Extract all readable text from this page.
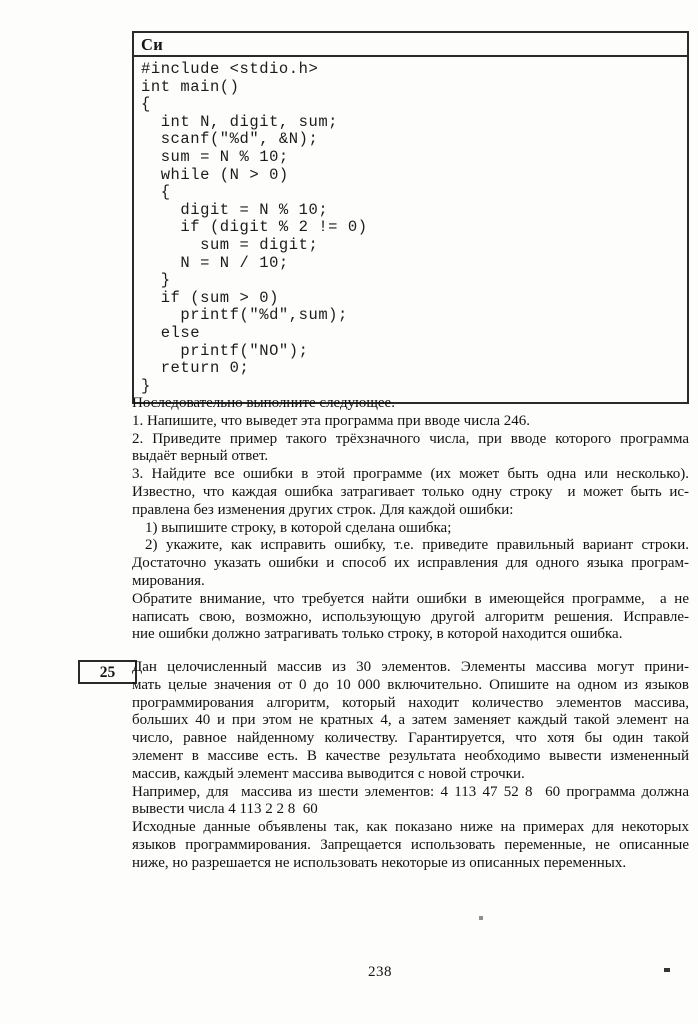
Си
#include <stdio.h>
int main()
{
int N, digit, sum;
scanf("%d", &N);
sum = N % 10;
while (N > 0)
{
digit = N % 10;
if (digit % 2 != 0)
sum = digit;
N = N / 10;
}
if (sum > 0)
printf("%d",sum);
else
printf("NO");
return 0;
}
Последовательно выполните следующее.
1. Напишите, что выведет эта программа при вводе числа 246.
2. Приведите пример такого трёхзначного числа, при вводе которого программа
выдаёт верный ответ.
3. Найдите все ошибки в этой программе (их может быть одна или несколько).
Известно, что каждая ошибка затрагивает только одну строку  и может быть ис-
правлена без изменения других строк. Для каждой ошибки:
1) выпишите строку, в которой сделана ошибка;
2) укажите, как исправить ошибку, т.е. приведите правильный вариант строки.
Достаточно указать ошибки и способ их исправления для одного языка програм-
мирования.
Обратите внимание, что требуется найти ошибки в имеющейся программе,  а не
написать свою, возможно, использующую другой алгоритм решения. Исправле-
ние ошибки должно затрагивать только строку, в которой находится ошибка.
25	Дан целочисленный массив из 30 элементов. Элементы массива могут прини-
мать целые значения от 0 до 10 000 включительно. Опишите на одном из языков
программирования алгоритм, который находит количество элементов массива,
больших 40 и при этом не кратных 4, а затем заменяет каждый такой элемент на
число, равное найденному количеству. Гарантируется, что хотя бы один такой
элемент в массиве есть. В качестве результата необходимо вывести измененный
массив, каждый элемент массива выводится с новой строчки.
Например, для  массива из шести элементов: 4 113 47 52 8  60 программа должна
вывести числа 4 113 2 2 8  60
Исходные данные объявлены так, как показано ниже на примерах для некоторых
языков программирования. Запрещается использовать переменные, не описанные
ниже, но разрешается не использовать некоторые из описанных переменных.
238
